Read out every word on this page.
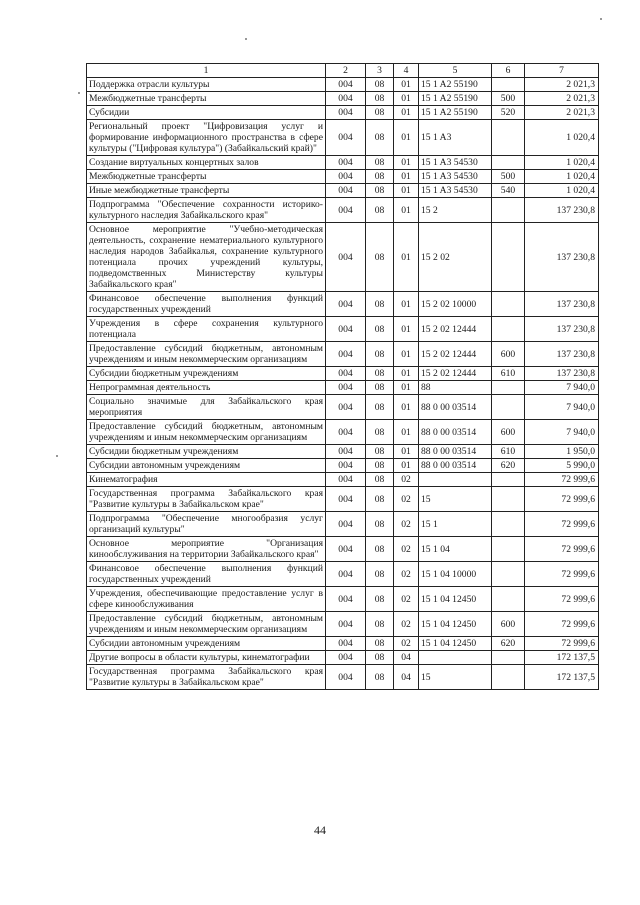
1	2	3	4	5	6	7
Поддержка отрасли культуры	004	08	01	15 1 A2 55190		2 021,3
Межбюджетные трансферты	004	08	01	15 1 A2 55190	500	2 021,3
Субсидии	004	08	01	15 1 A2 55190	520	2 021,3
Региональный проект "Цифровизация услуг и формирование информационного пространства в сфере культуры ("Цифровая культура") (Забайкальский край)"	004	08	01	15 1 A3		1 020,4
Создание виртуальных концертных залов	004	08	01	15 1 A3 54530		1 020,4
Межбюджетные трансферты	004	08	01	15 1 A3 54530	500	1 020,4
Иные межбюджетные трансферты	004	08	01	15 1 A3 54530	540	1 020,4
Подпрограмма "Обеспечение сохранности историко-культурного наследия Забайкальского края"	004	08	01	15 2		137 230,8
Основное мероприятие "Учебно-методическая деятельность, сохранение нематериального культурного наследия народов Забайкалья, сохранение культурного потенциала прочих учреждений культуры, подведомственных Министерству культуры Забайкальского края"	004	08	01	15 2 02		137 230,8
Финансовое обеспечение выполнения функций государственных учреждений	004	08	01	15 2 02 10000		137 230,8
Учреждения в сфере сохранения культурного потенциала	004	08	01	15 2 02 12444		137 230,8
Предоставление субсидий бюджетным, автономным учреждениям и иным некоммерческим организациям	004	08	01	15 2 02 12444	600	137 230,8
Субсидии бюджетным учреждениям	004	08	01	15 2 02 12444	610	137 230,8
Непрограммная деятельность	004	08	01	88		7 940,0
Социально значимые для Забайкальского края мероприятия	004	08	01	88 0 00 03514		7 940,0
Предоставление субсидий бюджетным, автономным учреждениям и иным некоммерческим организациям	004	08	01	88 0 00 03514	600	7 940,0
Субсидии бюджетным учреждениям	004	08	01	88 0 00 03514	610	1 950,0
Субсидии автономным учреждениям	004	08	01	88 0 00 03514	620	5 990,0
Кинематография	004	08	02			72 999,6
Государственная программа Забайкальского края "Развитие культуры в Забайкальском крае"	004	08	02	15		72 999,6
Подпрограмма "Обеспечение многообразия услуг организаций культуры"	004	08	02	15 1		72 999,6
Основное мероприятие "Организация кинообслуживания на территории Забайкальского края"	004	08	02	15 1 04		72 999,6
Финансовое обеспечение выполнения функций государственных учреждений	004	08	02	15 1 04 10000		72 999,6
Учреждения, обеспечивающие предоставление услуг в сфере кинообслуживания	004	08	02	15 1 04 12450		72 999,6
Предоставление субсидий бюджетным, автономным учреждениям и иным некоммерческим организациям	004	08	02	15 1 04 12450	600	72 999,6
Субсидии автономным учреждениям	004	08	02	15 1 04 12450	620	72 999,6
Другие вопросы в области культуры, кинематографии	004	08	04			172 137,5
Государственная программа Забайкальского края "Развитие культуры в Забайкальском крае"	004	08	04	15		172 137,5
44
